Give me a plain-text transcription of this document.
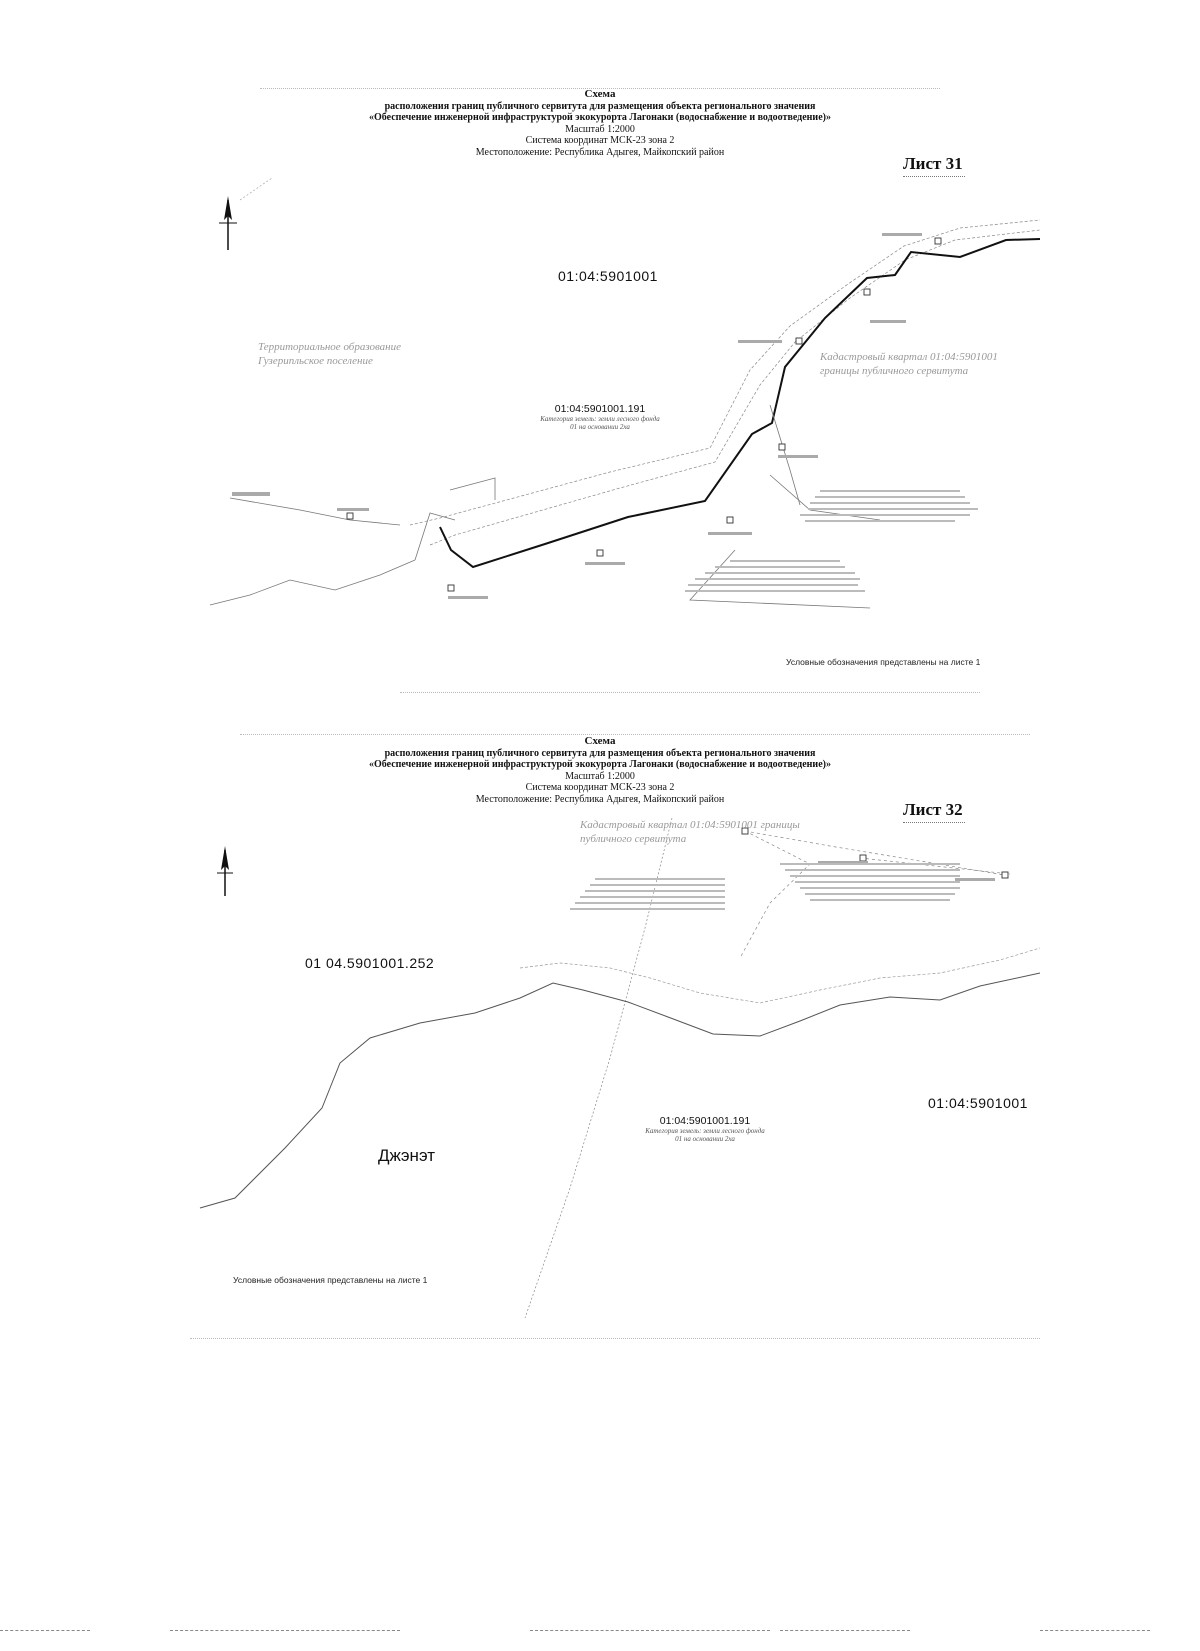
Схема
расположения границ публичного сервитута для размещения объекта регионального значения
«Обеспечение инженерной инфраструктурой экокурорта Лагонаки (водоснабжение и водоотведение)»
Масштаб 1:2000
Система координат МСК-23 зона 2
Местоположение: Республика Адыгея, Майкопский район
Лист 31
01:04:5901001
Территориальное образование Гузерипльское поселение	Кадастровый квартал 01:04:5901001 границы публичного сервитута
01:04:5901001.191
Категория земель: земли лесного фонда
01 на основании 2ха
Условные обозначения представлены на листе 1
Схема
расположения границ публичного сервитута для размещения объекта регионального значения
«Обеспечение инженерной инфраструктурой экокурорта Лагонаки (водоснабжение и водоотведение)»
Масштаб 1:2000
Система координат МСК-23 зона 2
Местоположение: Республика Адыгея, Майкопский район
Лист 32
Кадастровый квартал 01:04:5901001 границы публичного сервитута
01 04.5901001.252
01:04:5901001
01:04:5901001.191
Категория земель: земли лесного фонда
01 на основании 2ха
Джэнэт
Условные обозначения представлены на листе 1
